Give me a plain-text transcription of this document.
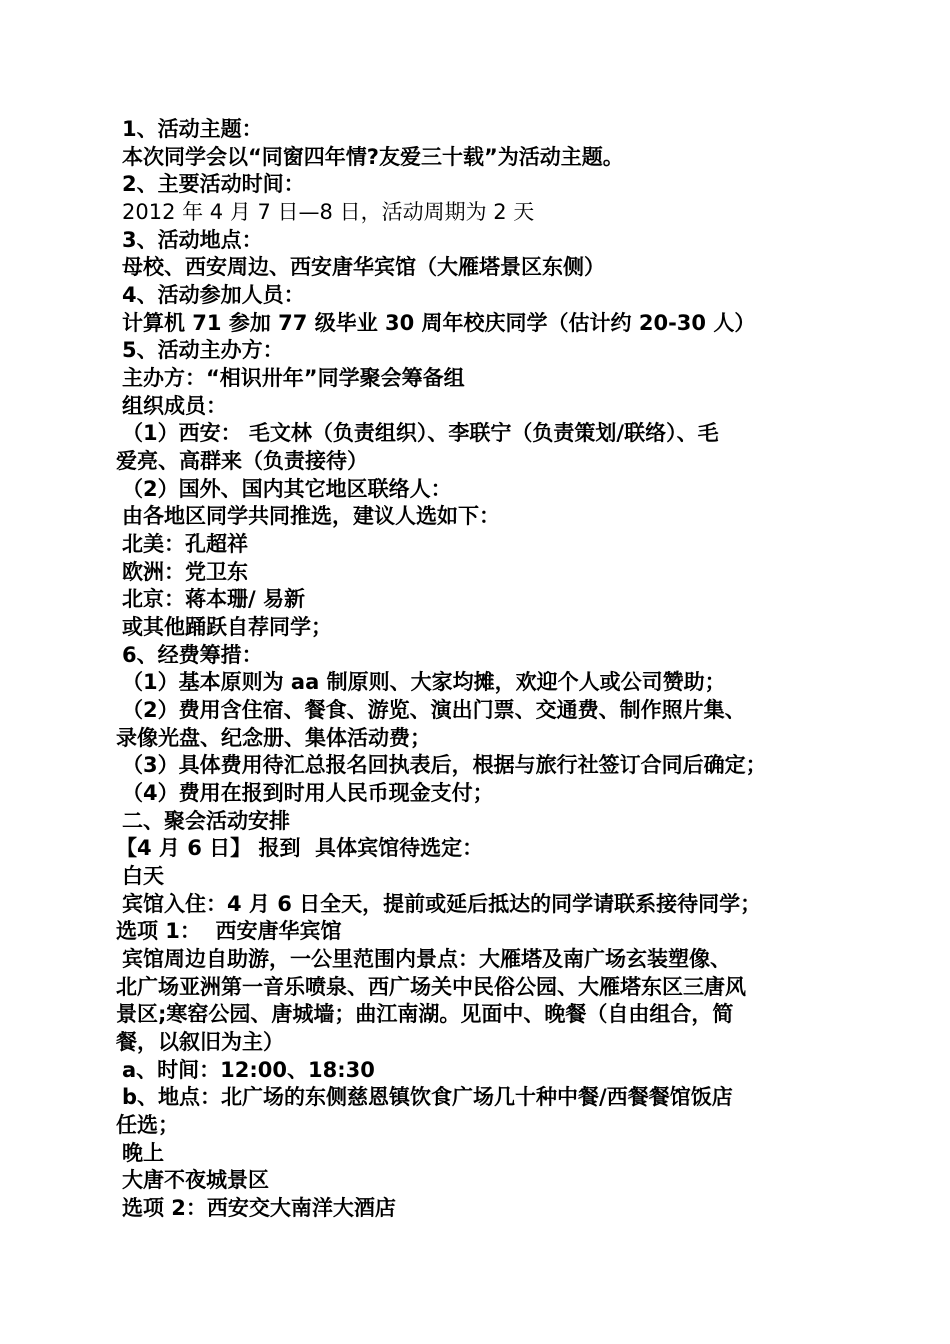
1、活动主题：

本次同学会以“同窗四年情?友爱三十载”为活动主题。

2、主要活动时间：

2012 年 4 月 7 日—8 日，活动周期为 2 天

3、活动地点：

母校、西安周边、西安唐华宾馆（大雁塔景区东侧）

4、活动参加人员：

计算机 71 参加 77 级毕业 30 周年校庆同学（估计约 20-30 人）

5、活动主办方：

主办方：“相识卅年”同学聚会筹备组

组织成员：

（1）西安： 毛文林（负责组织）、李联宁（负责策划/联络）、毛

爱亮、高群来（负责接待）

（2）国外、国内其它地区联络人：

由各地区同学共同推选，建议人选如下：

北美：孔超祥

欧洲：党卫东

北京：蒋本珊/ 易新

或其他踊跃自荐同学；

6、经费筹措：

（1）基本原则为 aa 制原则、大家均摊，欢迎个人或公司赞助；

（2）费用含住宿、餐食、游览、演出门票、交通费、制作照片集、

录像光盘、纪念册、集体活动费；

（3）具体费用待汇总报名回执表后，根据与旅行社签订合同后确定；

（4）费用在报到时用人民币现金支付；

二、聚会活动安排

【4 月 6 日】 报到  具体宾馆待选定：

白天

宾馆入住：4 月 6 日全天，提前或延后抵达的同学请联系接待同学；

选项 1：  西安唐华宾馆

宾馆周边自助游，一公里范围内景点：大雁塔及南广场玄装塑像、

北广场亚洲第一音乐喷泉、西广场关中民俗公园、大雁塔东区三唐风

景区;寒窑公园、唐城墙；曲江南湖。见面中、晚餐（自由组合，简

餐，以叙旧为主）

a、时间：12:00、18:30

b、地点：北广场的东侧慈恩镇饮食广场几十种中餐/西餐餐馆饭店

任选；

晚上

大唐不夜城景区

选项 2：西安交大南洋大酒店
